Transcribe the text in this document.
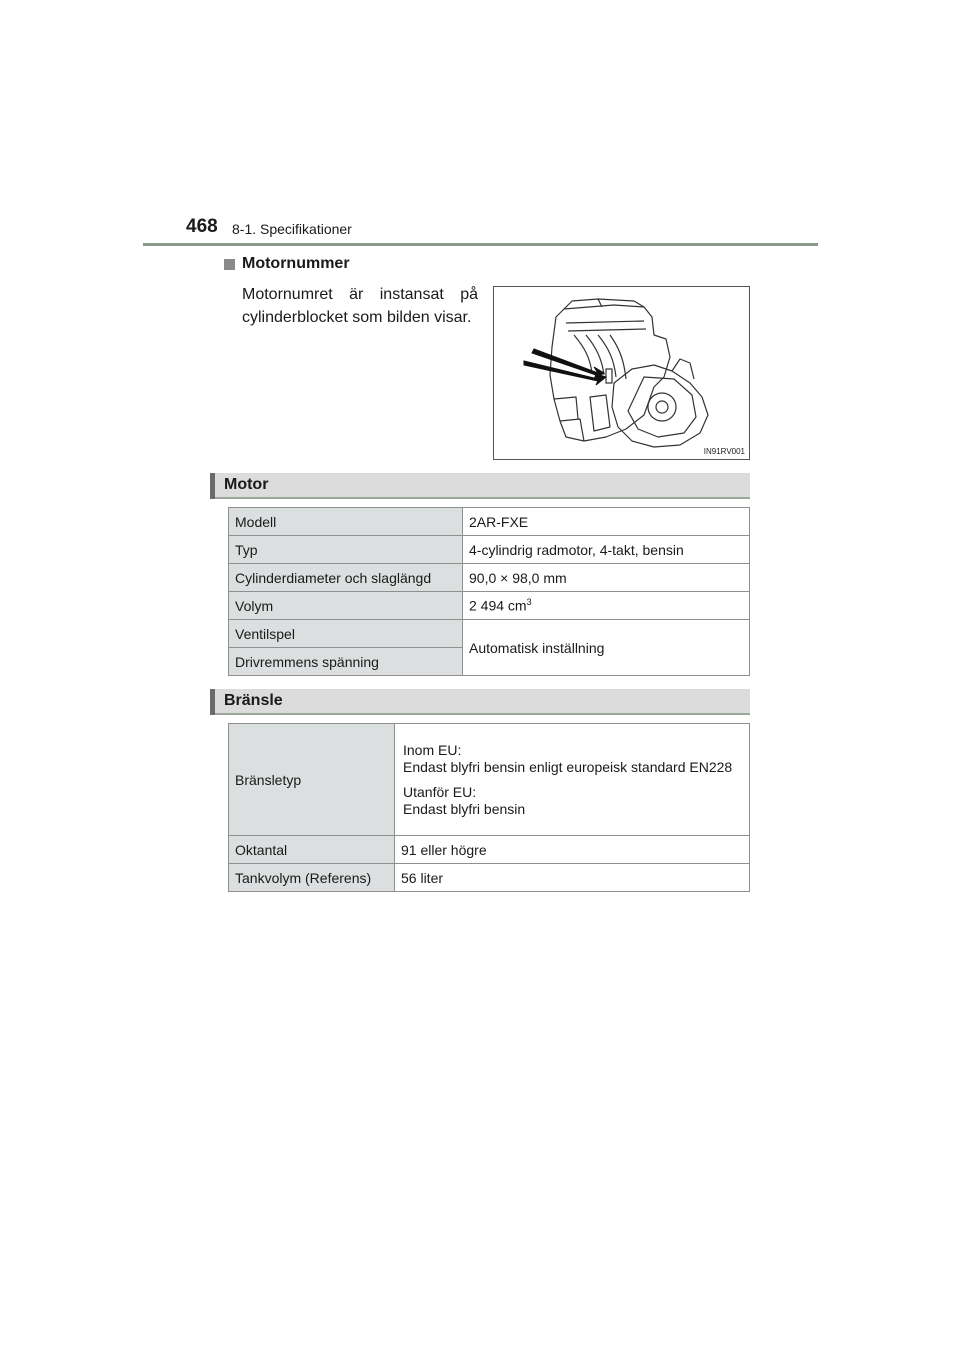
468 8-1. Specifikationer
Motornummer
Motornumret är instansat på cylinderblocket som bilden visar.
IN91RV001
Motor
Modell	2AR-FXE
Typ	4-cylindrig radmotor, 4-takt, bensin
Cylinderdiameter och slaglängd	90,0 × 98,0 mm
Volym	2 494 $cm^3$
Ventilspel	Automatisk inställning
Drivremmens spänning	
Bränsle
Bränsletyp	Inom EU:
Endast blyfri bensin enligt europeisk standard EN228
Utanför EU:
Endast blyfri bensin

Oktantal	91 eller högre
Tankvolym (Referens)	56 liter
